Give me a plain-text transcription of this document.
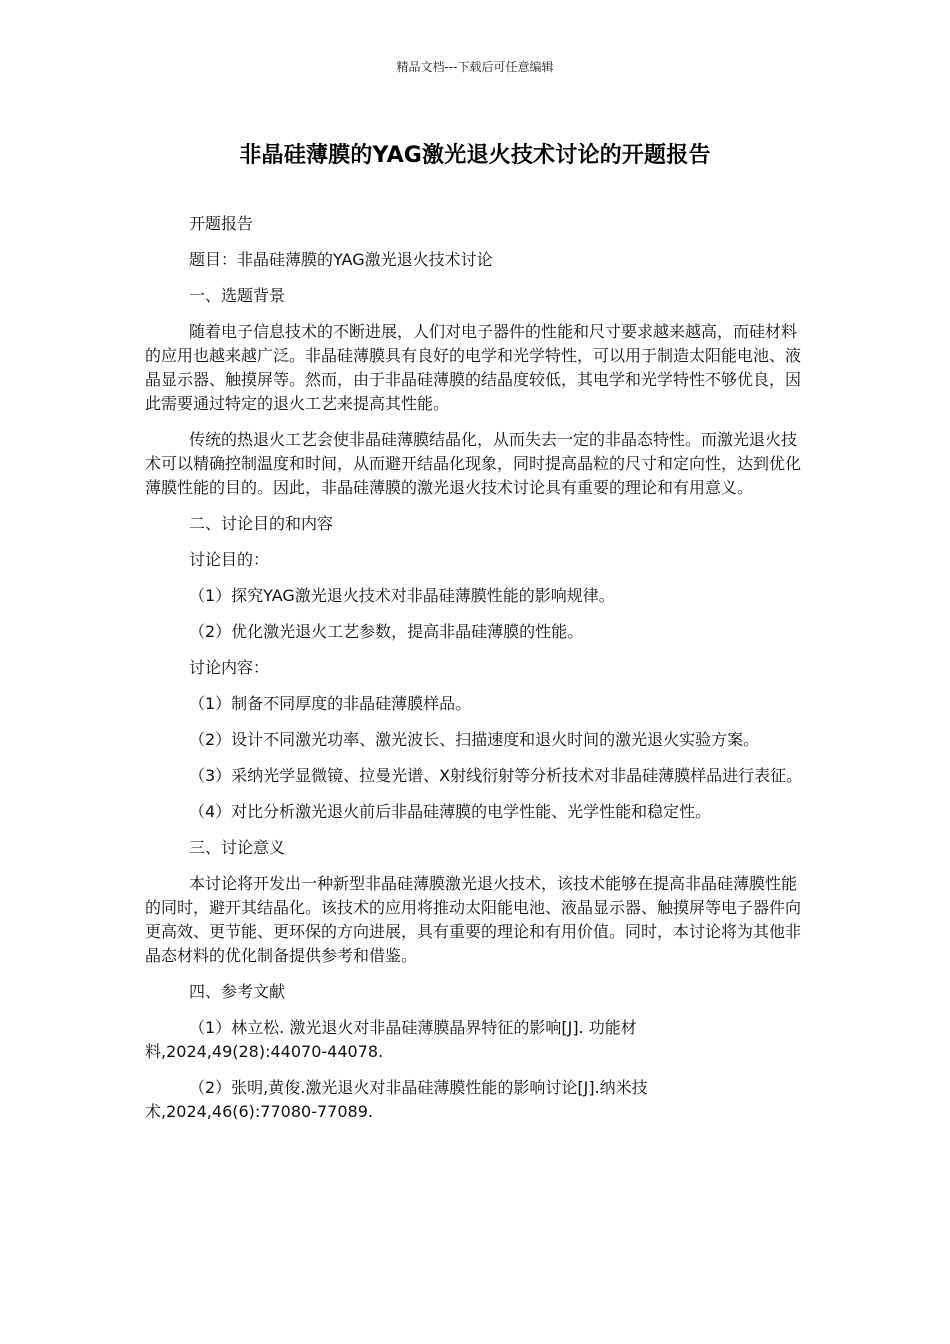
精品文档---下载后可任意编辑
非晶硅薄膜的YAG激光退火技术讨论的开题报告

开题报告

题目：非晶硅薄膜的YAG激光退火技术讨论

一、选题背景

随着电子信息技术的不断进展，人们对电子器件的性能和尺寸要求越来越高，而硅材料的应用也越来越广泛。非晶硅薄膜具有良好的电学和光学特性，可以用于制造太阳能电池、液晶显示器、触摸屏等。然而，由于非晶硅薄膜的结晶度较低，其电学和光学特性不够优良，因此需要通过特定的退火工艺来提高其性能。

传统的热退火工艺会使非晶硅薄膜结晶化，从而失去一定的非晶态特性。而激光退火技术可以精确控制温度和时间，从而避开结晶化现象，同时提高晶粒的尺寸和定向性，达到优化薄膜性能的目的。因此，非晶硅薄膜的激光退火技术讨论具有重要的理论和有用意义。

二、讨论目的和内容

讨论目的：

（1）探究YAG激光退火技术对非晶硅薄膜性能的影响规律。

（2）优化激光退火工艺参数，提高非晶硅薄膜的性能。

讨论内容：

（1）制备不同厚度的非晶硅薄膜样品。

（2）设计不同激光功率、激光波长、扫描速度和退火时间的激光退火实验方案。

（3）采纳光学显微镜、拉曼光谱、X射线衍射等分析技术对非晶硅薄膜样品进行表征。

（4）对比分析激光退火前后非晶硅薄膜的电学性能、光学性能和稳定性。

三、讨论意义

本讨论将开发出一种新型非晶硅薄膜激光退火技术，该技术能够在提高非晶硅薄膜性能的同时，避开其结晶化。该技术的应用将推动太阳能电池、液晶显示器、触摸屏等电子器件向更高效、更节能、更环保的方向进展，具有重要的理论和有用价值。同时，本讨论将为其他非晶态材料的优化制备提供参考和借鉴。

四、参考文献

（1）林立松. 激光退火对非晶硅薄膜晶界特征的影响[J]. 功能材料,2024,49(28):44070-44078.

（2）张明,黄俊.激光退火对非晶硅薄膜性能的影响讨论[J].纳米技术,2024,46(6):77080-77089.
